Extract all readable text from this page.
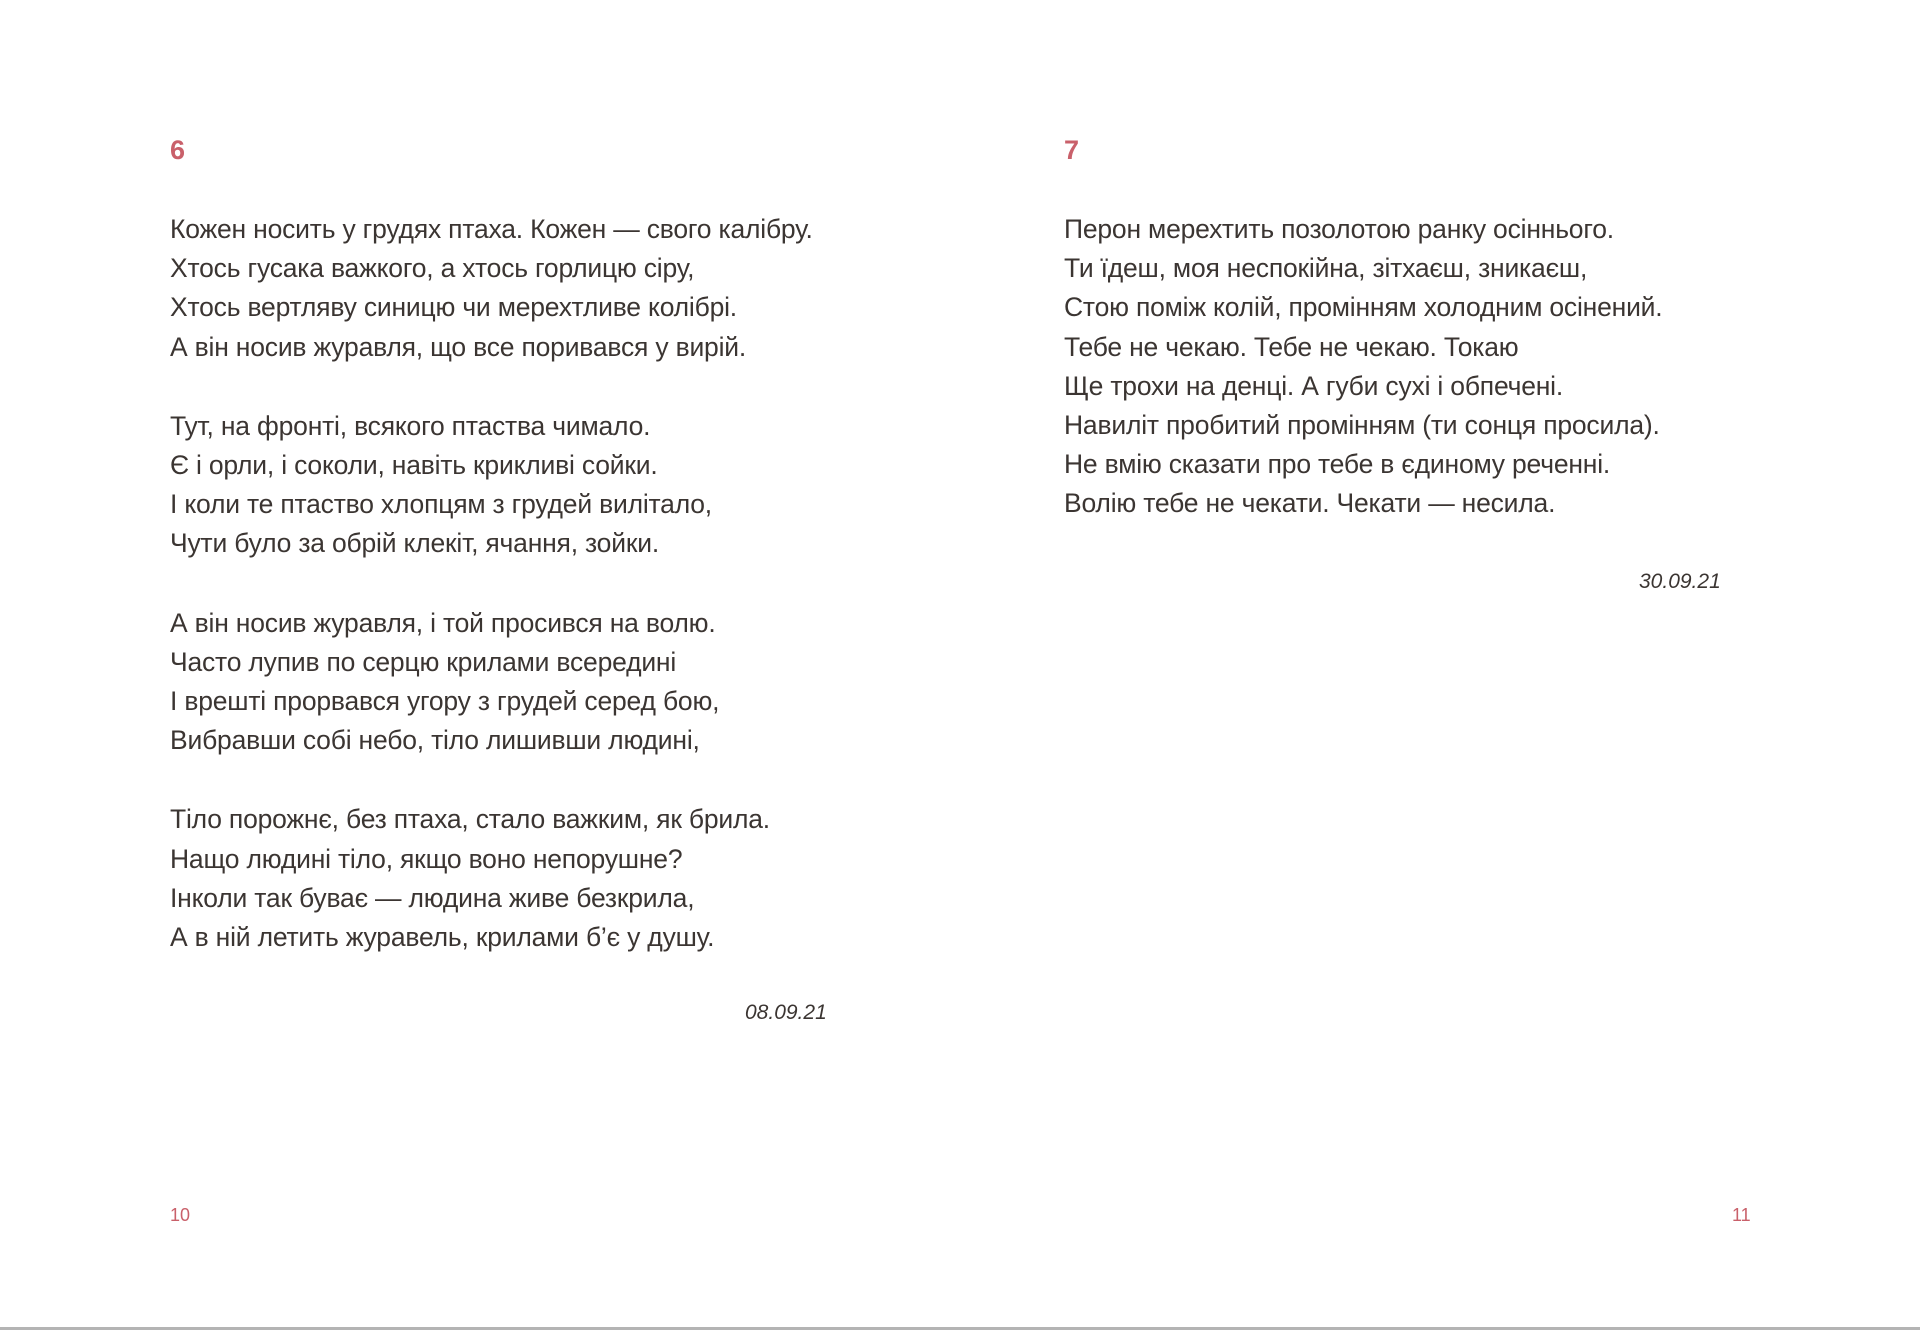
6
Кожен носить у грудях птаха. Кожен — свого калібру.
Хтось гусака важкого, а хтось горлицю сіру,
Хтось вертляву синицю чи мерехтливе колібрі.
А він носив журавля, що все поривався у вирій.
Тут, на фронті, всякого птаства чимало.
Є і орли, і соколи, навіть крикливі сойки.
І коли те птаство хлопцям з грудей вилітало,
Чути було за обрій клекіт, ячання, зойки.
А він носив журавля, і той просився на волю.
Часто лупив по серцю крилами всередині
І врешті прорвався угору з грудей серед бою,
Вибравши собі небо, тіло лишивши людині,
Тіло порожнє, без птаха, стало важким, як брила.
Нащо людині тіло, якщо воно непорушне?
Інколи так буває — людина живе безкрила,
А в ній летить журавель, крилами б’є у душу.
08.09.21
10
7
Перон мерехтить позолотою ранку осіннього.
Ти їдеш, моя неспокійна, зітхаєш, зникаєш,
Стою поміж колій, промінням холодним осінений.
Тебе не чекаю. Тебе не чекаю. Токаю
Ще трохи на денці. А губи сухі і обпечені.
Навиліт пробитий промінням (ти сонця просила).
Не вмію сказати про тебе в єдиному реченні.
Волію тебе не чекати. Чекати — несила.
30.09.21
11
